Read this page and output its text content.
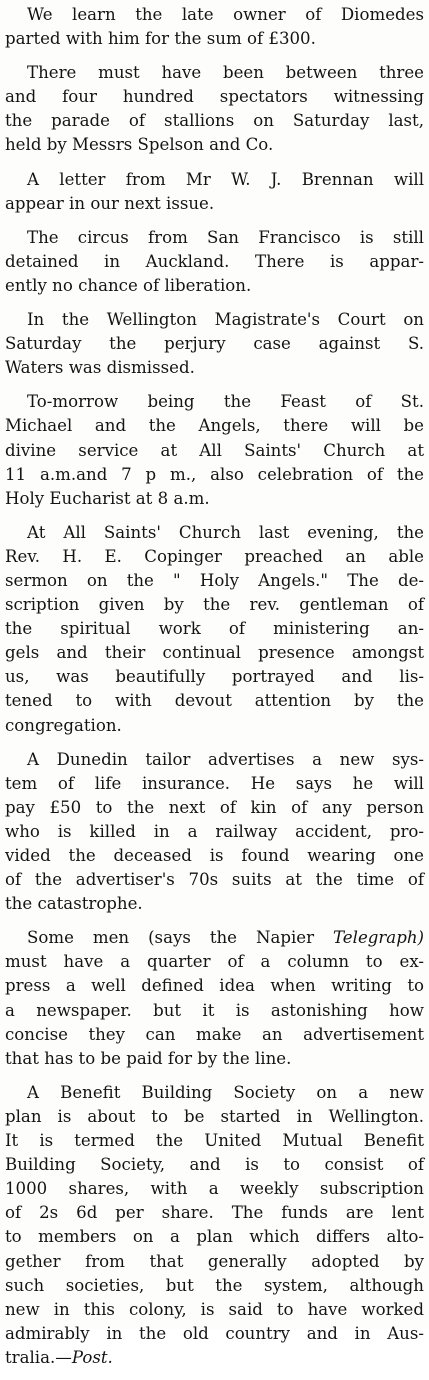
We learn the late owner of Diomedes
parted with him for the sum of £300.

There must have been between three
and four hundred spectators witnessing
the parade of stallions on Saturday last,
held by Messrs Spelson and Co.

A letter from Mr W. J. Brennan will
appear in our next issue.

The circus from San Francisco is still
detained in Auckland. There is appar-
ently no chance of liberation.

In the Wellington Magistrate's Court on
Saturday the perjury case against S.
Waters was dismissed.

To-morrow being the Feast of St.
Michael and the Angels, there will be
divine service at All Saints' Church at
11 a.m.and 7 p m., also celebration of the
Holy Eucharist at 8 a.m.

At All Saints' Church last evening, the
Rev. H. E. Copinger preached an able
sermon on the " Holy Angels." The de-
scription given by the rev. gentleman of
the spiritual work of ministering an-
gels and their continual presence amongst
us, was beautifully portrayed and lis-
tened to with devout attention by the
congregation.

A Dunedin tailor advertises a new sys-
tem of life insurance. He says he will
pay £50 to the next of kin of any person
who is killed in a railway accident, pro-
vided the deceased is found wearing one
of the advertiser's 70s suits at the time of
the catastrophe.

Some men (says the Napier Telegraph)
must have a quarter of a column to ex-
press a well defined idea when writing to
a newspaper. but it is astonishing how
concise they can make an advertisement
that has to be paid for by the line.

A Benefit Building Society on a new
plan is about to be started in Wellington.
It is termed the United Mutual Benefit
Building Society, and is to consist of
1000 shares, with a weekly subscription
of 2s 6d per share. The funds are lent
to members on a plan which differs alto-
gether from that generally adopted by
such societies, but the system, although
new in this colony, is said to have worked
admirably in the old country and in Aus-
tralia.—Post.
